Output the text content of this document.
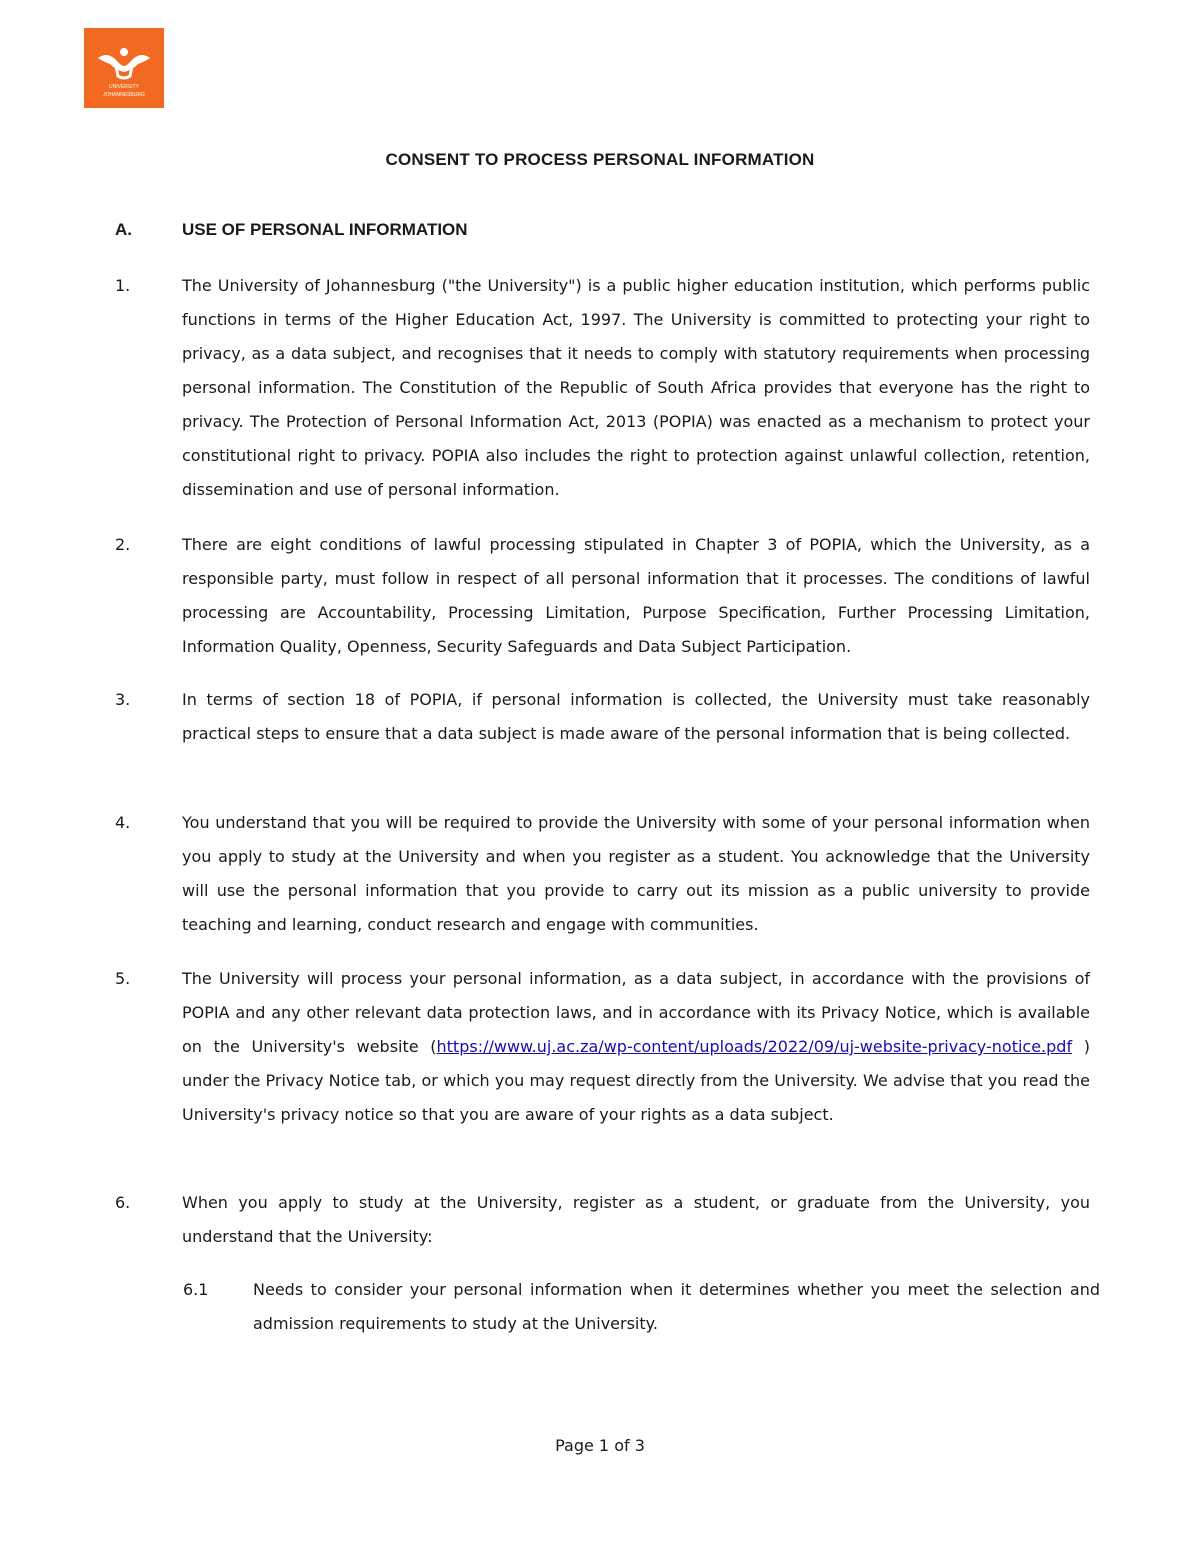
UNIVERSITY
JOHANNESBURG
CONSENT TO PROCESS PERSONAL INFORMATION
A.	USE OF PERSONAL INFORMATION
1.	The University of Johannesburg ("the University") is a public higher education institution, which performs public functions in terms of the Higher Education Act, 1997. The University is committed to protecting your right to privacy, as a data subject, and recognises that it needs to comply with statutory requirements when processing personal information. The Constitution of the Republic of South Africa provides that everyone has the right to privacy. The Protection of Personal Information Act, 2013 (POPIA) was enacted as a mechanism to protect your constitutional right to privacy. POPIA also includes the right to protection against unlawful collection, retention, dissemination and use of personal information.
2.	There are eight conditions of lawful processing stipulated in Chapter 3 of POPIA, which the University, as a responsible party, must follow in respect of all personal information that it processes. The conditions of lawful processing are Accountability, Processing Limitation, Purpose Specification, Further Processing Limitation, Information Quality, Openness, Security Safeguards and Data Subject Participation.
3.	In terms of section 18 of POPIA, if personal information is collected, the University must take reasonably practical steps to ensure that a data subject is made aware of the personal information that is being collected.
4.	You understand that you will be required to provide the University with some of your personal information when you apply to study at the University and when you register as a student. You acknowledge that the University will use the personal information that you provide to carry out its mission as a public university to provide teaching and learning, conduct research and engage with communities.
5.	The University will process your personal information, as a data subject, in accordance with the provisions of POPIA and any other relevant data protection laws, and in accordance with its Privacy Notice, which is available on the University's website (https://www.uj.ac.za/wp-content/uploads/2022/09/uj-website-privacy-notice.pdf ) under the Privacy Notice tab, or which you may request directly from the University. We advise that you read the University's privacy notice so that you are aware of your rights as a data subject.
6.	When you apply to study at the University, register as a student, or graduate from the University, you understand that the University:
6.1	Needs to consider your personal information when it determines whether you meet the selection and admission requirements to study at the University.
Page 1 of 3
